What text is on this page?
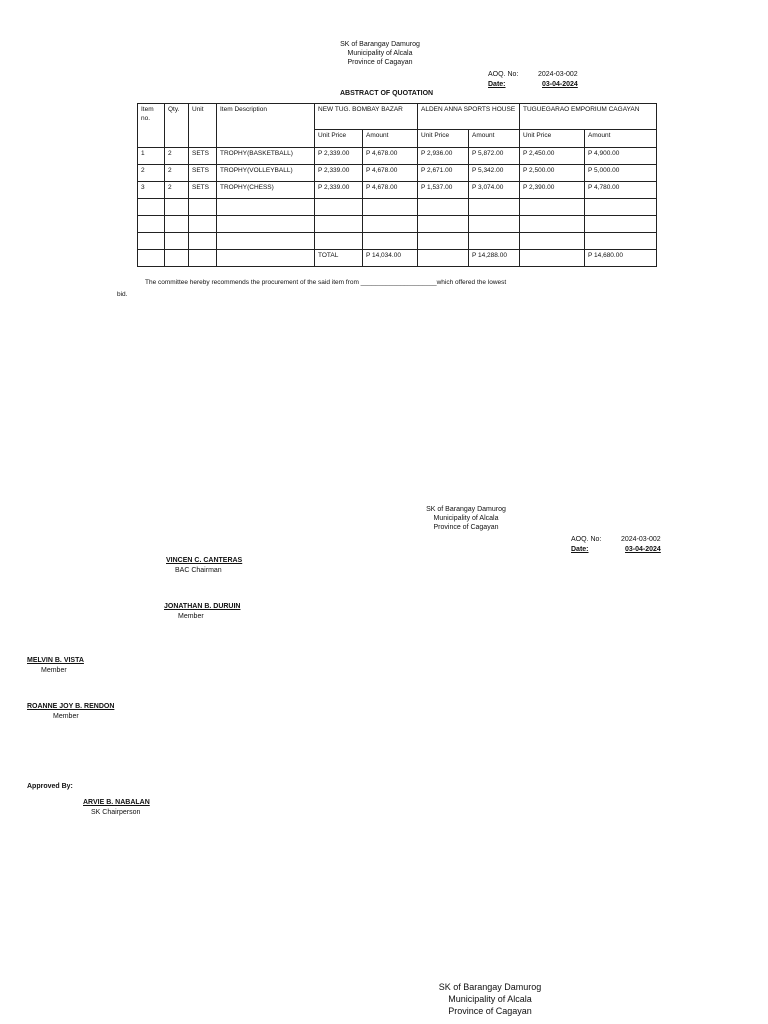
SK of Barangay Damurog
Municipality of Alcala
Province of Cagayan
AOQ. No:	2024-03-002
Date:	03-04-2024
ABSTRACT OF QUOTATION
Item no.	Qty.	Unit	Item Description	NEW TUG. BOMBAY BAZAR		ALDEN ANNA SPORTS HOUSE		TUGUEGARAO EMPORIUM CAGAYAN	
				Unit Price	Amount	Unit Price	Amount	Unit Price	Amount
1	2	SETS	TROPHY(BASKETBALL)	P 2,339.00	P 4,678.00	P 2,936.00	P 5,872.00	P 2,450.00	P 4,900.00
2	2	SETS	TROPHY(VOLLEYBALL)	P 2,339.00	P 4,678.00	P 2,671.00	P 5,342.00	P 2,500.00	P 5,000.00
3	2	SETS	TROPHY(CHESS)	P 2,339.00	P 4,678.00	P 1,537.00	P 3,074.00	P 2,390.00	P 4,780.00

				TOTAL	P 14,034.00		P 14,288.00		P 14,680.00
The committee hereby recommends the procurement of the said item from _____________________which offered the lowest
bid.
SK of Barangay Damurog
Municipality of Alcala
Province of Cagayan
AOQ. No:	2024-03-002
Date:	03-04-2024
VINCEN C. CANTERAS
BAC Chairman
JONATHAN B. DURUIN
Member
MELVIN B. VISTA
Member
ROANNE JOY B. RENDON
Member
Approved By:
ARVIE B. NABALAN
SK Chairperson
SK of Barangay Damurog
Municipality of Alcala
Province of Cagayan
